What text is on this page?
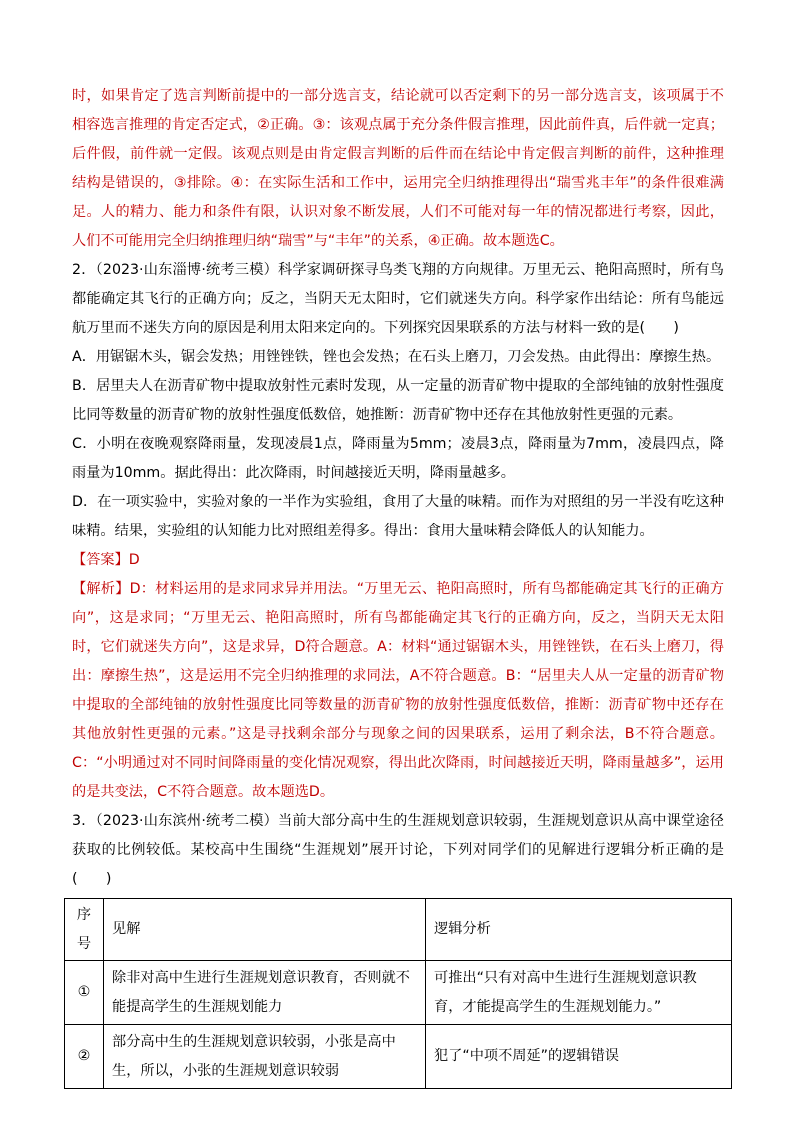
时，如果肯定了选言判断前提中的一部分选言支，结论就可以否定剩下的另一部分选言支，该项属于不相容选言推理的肯定否定式，②正确。③：该观点属于充分条件假言推理，因此前件真，后件就一定真；后件假，前件就一定假。该观点则是由肯定假言判断的后件而在结论中肯定假言判断的前件，这种推理结构是错误的，③排除。④：在实际生活和工作中，运用完全归纳推理得出“瑞雪兆丰年”的条件很难满足。人的精力、能力和条件有限，认识对象不断发展，人们不可能对每一年的情况都进行考察，因此，人们不可能用完全归纳推理归纳“瑞雪”与“丰年”的关系，④正确。故本题选C。

2．（2023·山东淄博·统考三模）科学家调研探寻鸟类飞翔的方向规律。万里无云、艳阳高照时，所有鸟都能确定其飞行的正确方向；反之，当阴天无太阳时，它们就迷失方向。科学家作出结论：所有鸟能远航万里而不迷失方向的原因是利用太阳来定向的。下列探究因果联系的方法与材料一致的是(　　)

A．用锯锯木头，锯会发热；用锉锉铁，锉也会发热；在石头上磨刀，刀会发热。由此得出：摩擦生热。

B．居里夫人在沥青矿物中提取放射性元素时发现，从一定量的沥青矿物中提取的全部纯铀的放射性强度比同等数量的沥青矿物的放射性强度低数倍，她推断：沥青矿物中还存在其他放射性更强的元素。

C．小明在夜晚观察降雨量，发现凌晨1点，降雨量为5mm；凌晨3点，降雨量为7mm，凌晨四点，降雨量为10mm。据此得出：此次降雨，时间越接近天明，降雨量越多。

D．在一项实验中，实验对象的一半作为实验组，食用了大量的味精。而作为对照组的另一半没有吃这种味精。结果，实验组的认知能力比对照组差得多。得出：食用大量味精会降低人的认知能力。

【答案】D

【解析】D：材料运用的是求同求异并用法。“万里无云、艳阳高照时，所有鸟都能确定其飞行的正确方向”，这是求同；“万里无云、艳阳高照时，所有鸟都能确定其飞行的正确方向，反之，当阴天无太阳时，它们就迷失方向”，这是求异，D符合题意。A：材料“通过锯锯木头，用锉锉铁，在石头上磨刀，得出：摩擦生热”，这是运用不完全归纳推理的求同法，A不符合题意。B：“居里夫人从一定量的沥青矿物中提取的全部纯铀的放射性强度比同等数量的沥青矿物的放射性强度低数倍，推断：沥青矿物中还存在其他放射性更强的元素。”这是寻找剩余部分与现象之间的因果联系，运用了剩余法，B不符合题意。C：“小明通过对不同时间降雨量的变化情况观察，得出此次降雨，时间越接近天明，降雨量越多”，运用的是共变法，C不符合题意。故本题选D。

3．（2023·山东滨州·统考二模）当前大部分高中生的生涯规划意识较弱，生涯规划意识从高中课堂途径获取的比例较低。某校高中生围绕“生涯规划”展开讨论，下列对同学们的见解进行逻辑分析正确的是(　　)

序号	见解	逻辑分析
①	除非对高中生进行生涯规划意识教育，否则就不能提高学生的生涯规划能力	可推出“只有对高中生进行生涯规划意识教育，才能提高学生的生涯规划能力。”
②	部分高中生的生涯规划意识较弱，小张是高中生，所以，小张的生涯规划意识较弱	犯了“中项不周延”的逻辑错误
